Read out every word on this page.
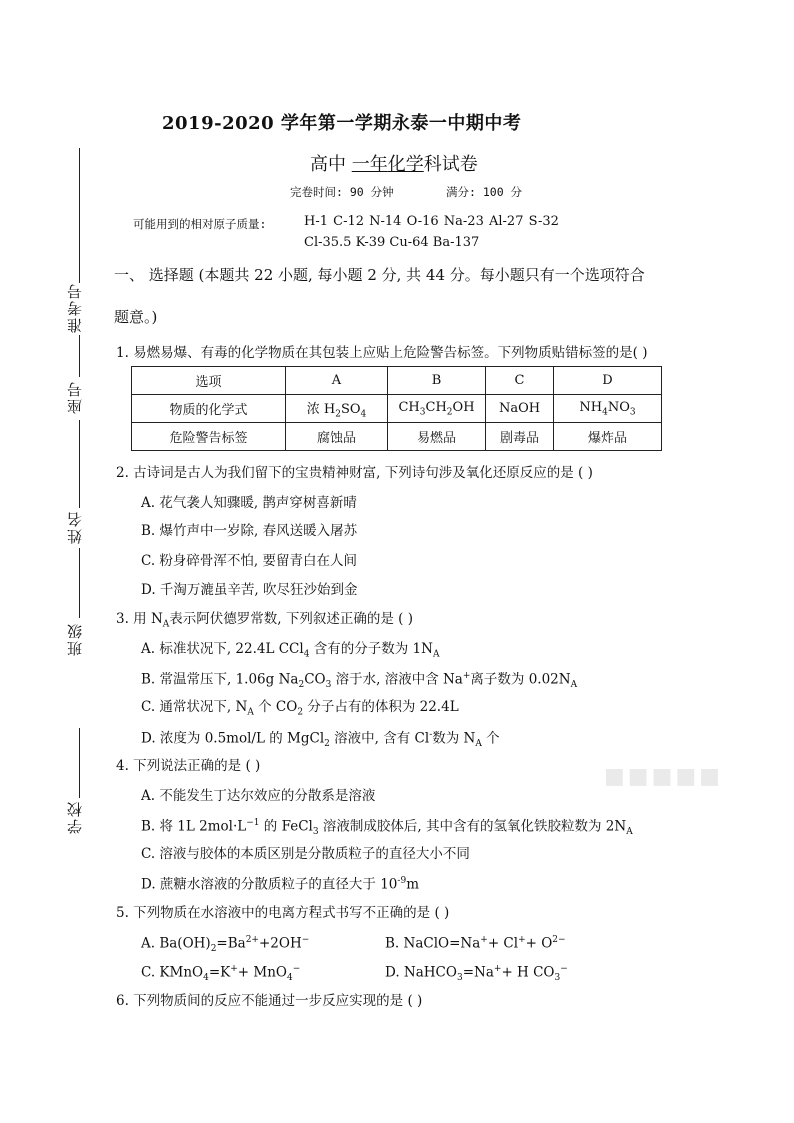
2019-2020 学年第一学期永泰一中期中考
高中 一年化学科试卷
完卷时间: 90 分钟	满分: 100 分
可能用到的相对原子质量:	H-1 C-12 N-14 O-16 Na-23 Al-27 S-32
Cl-35.5 K-39 Cu-64 Ba-137
准考号
座号
姓名
班级
学校
一、 选择题 (本题共 22 小题, 每小题 2 分, 共 44 分。每小题只有一个选项符合
题意。)
1. 易燃易爆、有毒的化学物质在其包装上应贴上危险警告标签。下列物质贴错标签的是( )
选项	A	B	C	D
物质的化学式	浓 $H_2SO_4$	$CH_3CH_2OH$	NaOH	$NH_4NO_3$
危险警告标签	腐蚀品	易燃品	剧毒品	爆炸品
2. 古诗词是古人为我们留下的宝贵精神财富, 下列诗句涉及氧化还原反应的是 ( )
A. 花气袭人知骤暖, 鹊声穿树喜新晴
B. 爆竹声中一岁除, 春风送暖入屠苏
C. 粉身碎骨浑不怕, 要留青白在人间
D. 千淘万漉虽辛苦, 吹尽狂沙始到金
3. 用 $N_A$表示阿伏德罗常数, 下列叙述正确的是 ( )
A. 标准状况下, 22.4L CCl$_4$ 含有的分子数为 $1N_A$
B. 常温常压下, 1.06g $Na_2CO_3$ 溶于水, 溶液中含 Na+离子数为 $0.02N_A$
C. 通常状况下, $N_A$ 个 $CO_2$ 分子占有的体积为 22.4L
D. 浓度为 0.5mol/L 的 MgCl$_2$ 溶液中, 含有 Cl-数为 $N_A$ 个
4. 下列说法正确的是 ( )
A. 不能发生丁达尔效应的分散系是溶液
B. 将 1L $2mol\cdot L^{-1}$ 的 FeCl$_3$ 溶液制成胶体后, 其中含有的氢氧化铁胶粒数为 $2N_A$
C. 溶液与胶体的本质区别是分散质粒子的直径大小不同
D. 蔗糖水溶液的分散质粒子的直径大于 $10^{-9}m$
■■■■■
5. 下列物质在水溶液中的电离方程式书写不正确的是 ( )
A. $Ba(OH)_2=Ba^{2+}+2OH^-$	B. NaClO=Na++ $Cl^++ O^{2-}$
C. KMnO$_4$=K++ MnO$_4$−	D. NaHCO$_3$=Na++ H $CO_3^-$
6. 下列物质间的反应不能通过一步反应实现的是 ( )
